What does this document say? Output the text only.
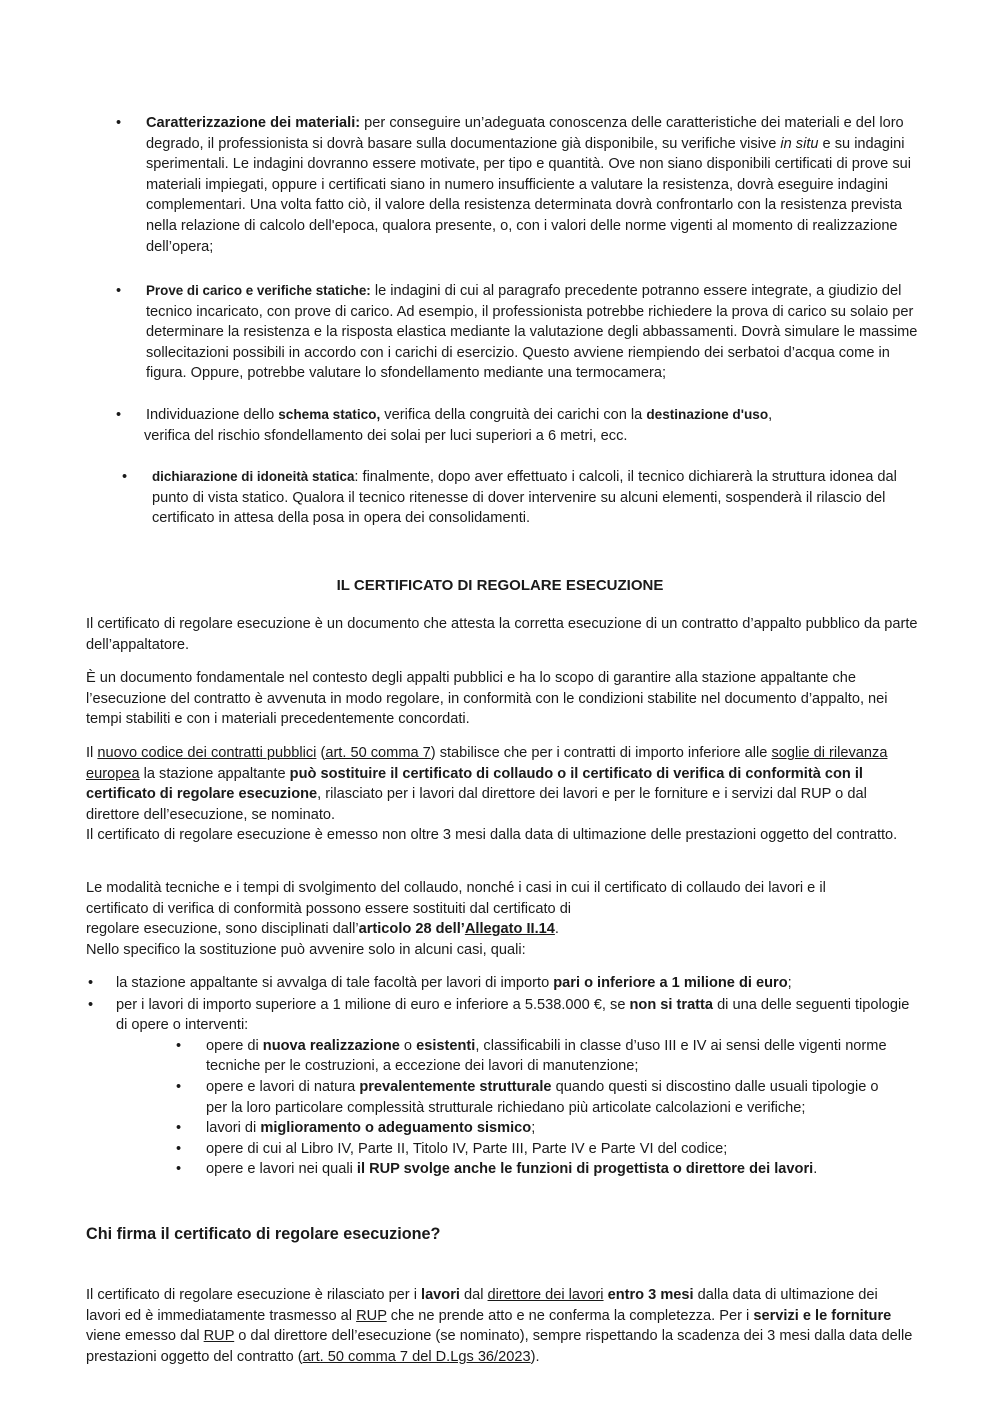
• Caratterizzazione dei materiali: per conseguire un’adeguata conoscenza delle caratteristiche dei materiali e del loro degrado, il professionista si dovrà basare sulla documentazione già disponibile, su verifiche visive in situ e su indagini sperimentali. Le indagini dovranno essere motivate, per tipo e quantità. Ove non siano disponibili certificati di prove sui materiali impiegati, oppure i certificati siano in numero insufficiente a valutare la resistenza, dovrà eseguire indagini complementari. Una volta fatto ciò, il valore della resistenza determinata dovrà confrontarlo con la resistenza prevista nella relazione di calcolo dell'epoca, qualora presente, o, con i valori delle norme vigenti al momento di realizzazione dell’opera;

• Prove di carico e verifiche statiche: le indagini di cui al paragrafo precedente potranno essere integrate, a giudizio del tecnico incaricato, con prove di carico. Ad esempio, il professionista potrebbe richiedere la prova di carico su solaio per determinare la resistenza e la risposta elastica mediante la valutazione degli abbassamenti. Dovrà simulare le massime sollecitazioni possibili in accordo con i carichi di esercizio. Questo avviene riempiendo dei serbatoi d’acqua come in figura. Oppure, potrebbe valutare lo sfondellamento mediante una termocamera;

• Individuazione dello schema statico, verifica della congruità dei carichi con la destinazione d'uso,

verifica del rischio sfondellamento dei solai per luci superiori a 6 metri, ecc.

• dichiarazione di idoneità statica: finalmente, dopo aver effettuato i calcoli, il tecnico dichiarerà la struttura idonea dal punto di vista statico. Qualora il tecnico ritenesse di dover intervenire su alcuni elementi, sospenderà il rilascio del certificato in attesa della posa in opera dei consolidamenti.

IL CERTIFICATO DI REGOLARE ESECUZIONE

Il certificato di regolare esecuzione è un documento che attesta la corretta esecuzione di un contratto d’appalto pubblico da parte dell’appaltatore.

È un documento fondamentale nel contesto degli appalti pubblici e ha lo scopo di garantire alla stazione appaltante che l’esecuzione del contratto è avvenuta in modo regolare, in conformità con le condizioni stabilite nel documento d’appalto, nei tempi stabiliti e con i materiali precedentemente concordati.

Il nuovo codice dei contratti pubblici (art. 50 comma 7) stabilisce che per i contratti di importo inferiore alle soglie di rilevanza europea la stazione appaltante può sostituire il certificato di collaudo o il certificato di verifica di conformità con il certificato di regolare esecuzione, rilasciato per i lavori dal direttore dei lavori e per le forniture e i servizi dal RUP o dal direttore dell’esecuzione, se nominato.

Il certificato di regolare esecuzione è emesso non oltre 3 mesi dalla data di ultimazione delle prestazioni oggetto del contratto.

Le modalità tecniche e i tempi di svolgimento del collaudo, nonché i casi in cui il certificato di collaudo dei lavori e il certificato di verifica di conformità possono essere sostituiti dal certificato di

regolare esecuzione, sono disciplinati dall’articolo 28 dell’Allegato II.14.

Nello specifico la sostituzione può avvenire solo in alcuni casi, quali:

• la stazione appaltante si avvalga di tale facoltà per lavori di importo pari o inferiore a 1 milione di euro;

• per i lavori di importo superiore a 1 milione di euro e inferiore a 5.538.000 €, se non si tratta di una delle seguenti tipologie di opere o interventi:

• opere di nuova realizzazione o esistenti, classificabili in classe d’uso III e IV ai sensi delle vigenti norme tecniche per le costruzioni, a eccezione dei lavori di manutenzione;

• opere e lavori di natura prevalentemente strutturale quando questi si discostino dalle usuali tipologie o per la loro particolare complessità strutturale richiedano più articolate calcolazioni e verifiche;

• lavori di miglioramento o adeguamento sismico;

• opere di cui al Libro IV, Parte II, Titolo IV, Parte III, Parte IV e Parte VI del codice;

• opere e lavori nei quali il RUP svolge anche le funzioni di progettista o direttore dei lavori.

Chi firma il certificato di regolare esecuzione?

Il certificato di regolare esecuzione è rilasciato per i lavori dal direttore dei lavori entro 3 mesi dalla data di ultimazione dei lavori ed è immediatamente trasmesso al RUP che ne prende atto e ne conferma la completezza. Per i servizi e le forniture viene emesso dal RUP o dal direttore dell’esecuzione (se nominato), sempre rispettando la scadenza dei 3 mesi dalla data delle prestazioni oggetto del contratto (art. 50 comma 7 del D.Lgs 36/2023).
